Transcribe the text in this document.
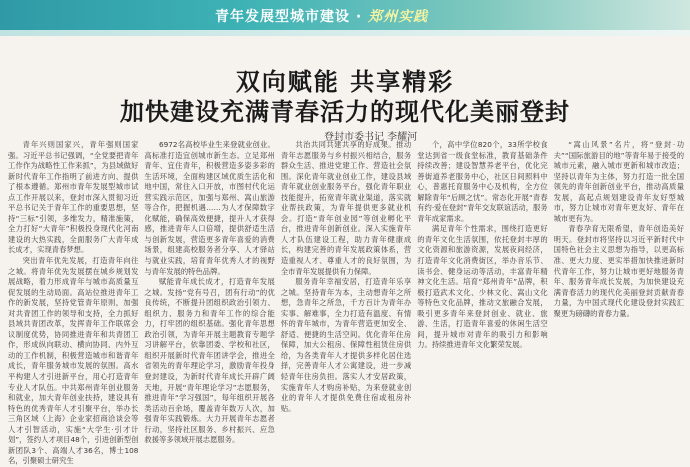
青年发展型城市建设 · 郑州实践
双向赋能 共享精彩
加快建设充满青春活力的现代化美丽登封
登封市委书记 李耀河

青年兴则国家兴，青年强则国家强。习近平总书记强调，“全党要把青年工作作为战略性工作来抓”，为县域做好新时代青年工作指明了前进方向、提供了根本遵循。郑州市青年发展型城市试点工作开展以来，登封市深入贯彻习近平总书记关于青年工作的重要思想，坚持“三标”引领，多维发力，精准施策，全力打好“大青年”积极投身现代化河南建设的大热实践，全面服务广大青年成长成才，实现青春梦想。

突出青年优先发展，打造青年向往之城。将青年优先发展摆在城乡规划发展战略，着力形成青年与城市高质量互促发展的生动局面。高站位推进青年工作的新发展，坚持党管青年原则，加强对共青团工作的领导和支持，全力抓好县域共青团改革，发挥青年工作联席会议制度优势，协同推进青年和共青团工作，形成纵向联动、横向协同、内外互动的工作机制，积极营造城市和谐青年成长，青年服务城市发展的氛围。高水平构建人才引进新平台，用心打造青年专业人才队伍。中共郑州青年创业服务和就业，加大青年创业扶持，建设具有特色的优秀青年人才引聚平台，举办长三角区域（上海）企业家招商洽谈会等人才引智活动，实施“大学生·引才计划”，签约人才项目48个，引进创新型创新团队3个、高端人才36名，博士108名，引聚硕士研究生

6972名高校毕业生来登就业创业。高标准打造宜创城市新生态。立足郑州青年、宜住青年，积极营造多姿多彩的生活环境，全面构建区域优质生活化和地中国，常住入口开放，市图村代化运营实践示范区，加强与郑州、嵩山旅游等合作，把握机遇……为人才保障数字化赋能，确保高效便捷，提升人才获得感，推进青年人口倍增，提供舒适生活与创新发展，营造更多青年喜爱的消费场景，组建高校服务者分享、人才驿站与就业实践，培育青年优秀人才的视野与青年发展的特色品牌。

赋能青年成长成才，打造青年发展之城。发扬“党有号召，团有行动”的优良传统，不断提升团组织政治引领力、组织力、服务力和青年工作的综合能力，打牢团的组织基础。强化青年思想政治引领，为青年开展主题教育专题学习讲解平台，依靠团委、学校和社区，组织开展新时代青年团讲学会，推进全省领先的青年理论学习，激励青年投身登封建设，为新时代青年成长开辟广阔天地，开展“青年理论学习”志愿服务，推进青年“学习强国”，每年组织开展各类活动百余场，覆盖青年数万人次，加强青年实践锻炼。大力开展青年志愿者行动，坚持社区服务、乡村振兴、应急救援等多领域开展志愿服务。

共治共同共建共享的好成果。推动青年志愿服务与乡村振兴相结合，服务群众生活、推进党建工作、营造社会氛围。深化青年就业创业工作，建设县域青年就业创业服务平台，强化青年职业技能提升，拓宽青年就业渠道，落实就业帮扶政策，为青年提供更多就业机会。打造“青年创业园”等创业孵化平台，推进青年创新创业。深入实施青年人才队伍建设工程，助力青年健康成长，构建完善的青年发展政策体系，营造重视人才、尊重人才的良好氛围，为全市青年发展提供有力保障。

服务青年幸福安居，打造青年乐享之城。坚持青年为本，主动想青年之所想，急青年之所急，千方百计为青年办实事、解难事，全力打造有温度、有情怀的青年城市，为青年营造更加安全、舒适、便捷的生活空间。优化青年住房保障，加大公租房、保障性租赁住房供给，为各类青年人才提供多样化居住选择，完善青年人才公寓建设，进一步减轻青年住房负担。落实人才安居政策，实施青年人才购房补贴，为来登就业创业的青年人才提供免费住宿或租房补贴。

个，高中学位820个，33所学校食堂达到省一级食堂标准，教育基础条件持续改善；建设智慧养老平台，优化完善街道养老服务中心，社区日间照料中心，普惠托育服务中心及机构，全方位解除青年“后顾之忧”。常态化开展“青春有约·爱在登封”青年交友联谊活动，服务青年成家需求。

满足青年个性需求，围绕打造更好的青年文化生活氛围，依托登封丰厚的文化资源和旅游资源，发展夜间经济，打造青年文化消费街区，举办音乐节、读书会、健身运动等活动，丰富青年精神文化生活。培育“郑州青年”品牌，积极打造武术文化、少林文化、嵩山文化等特色文化品牌，推动文旅融合发展，吸引更多青年来登封创业、就业、旅游、生活，打造青年喜爱的休闲生活空间，提升城市对青年的吸引力和影响力。持续推进青年文化繁荣发展。

“嵩山风景”名片，将“登封·功夫”“国际旅游目的地”等青年易于接受的城市元素，融入城市更新和城市改造；坚持以青年为主体，努力打造一批全国领先的青年创新创业平台，推动高质量发展，高起点规划建设青年友好型城市，努力让城市对青年更友好、青年在城市更有为。

青春孕育无限希望，青年创造美好明天。登封市将坚持以习近平新时代中国特色社会主义思想为指导，以更高标准、更大力度、更实举措加快推进新时代青年工作，努力让城市更好地服务青年、服务青年成长发展，为加快建设充满青春活力的现代化美丽登封贡献青春力量，为中国式现代化建设登封实践汇聚更为磅礴的青春力量。
